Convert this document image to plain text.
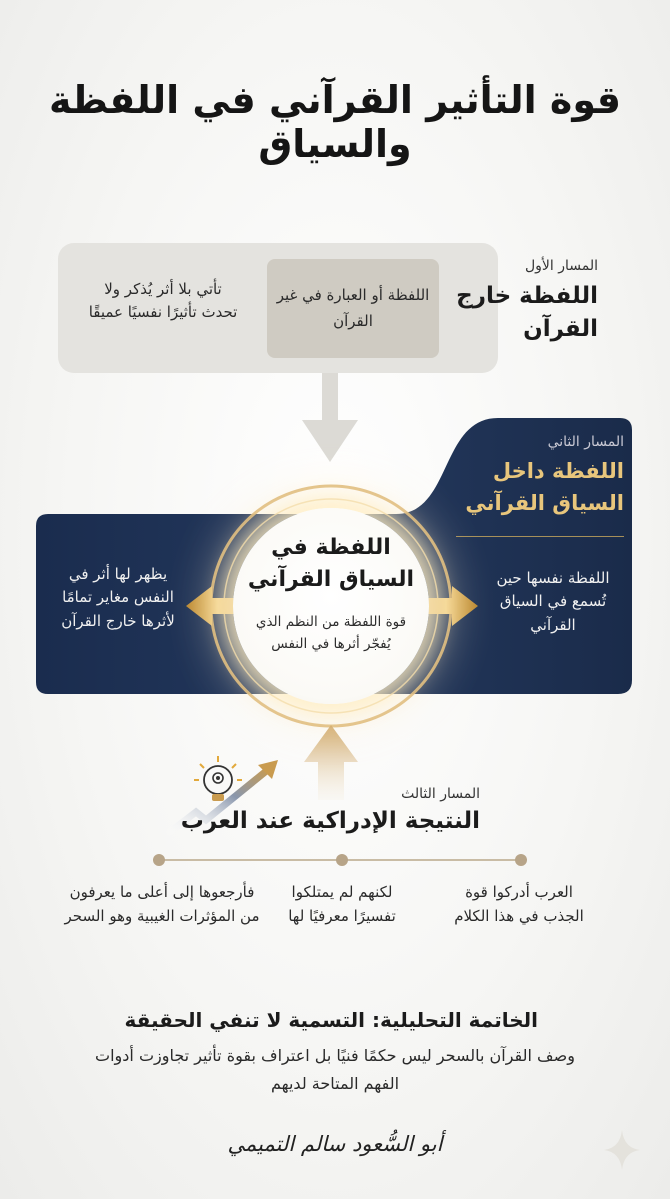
قوة التأثير القرآني في اللفظة والسياق
اللفظة أو العبارة في غير القرآن
تأتي بلا أثر يُذكر ولا تحدث تأثيرًا نفسيًا عميقًا
المسار الأول
اللفظة خارج القرآن
المسار الثاني
اللفظة داخل السياق القرآني
اللفظة نفسها حين تُسمع في السياق القرآني
يظهر لها أثر في النفس مغاير تمامًا لأثرها خارج القرآن
اللفظة في السياق القرآني
قوة اللفظة من النظم الذي يُفجّر أثرها في النفس
المسار الثالث
النتيجة الإدراكية عند العرب
العرب أدركوا قوة الجذب في هذا الكلام
لكنهم لم يمتلكوا تفسيرًا معرفيًا لها
فأرجعوها إلى أعلى ما يعرفون من المؤثرات الغيبية وهو السحر
الخاتمة التحليلية: التسمية لا تنفي الحقيقة
وصف القرآن بالسحر ليس حكمًا فنيًا بل اعتراف بقوة تأثير تجاوزت أدوات الفهم المتاحة لديهم
أبو السُّعود سالم التميمي
